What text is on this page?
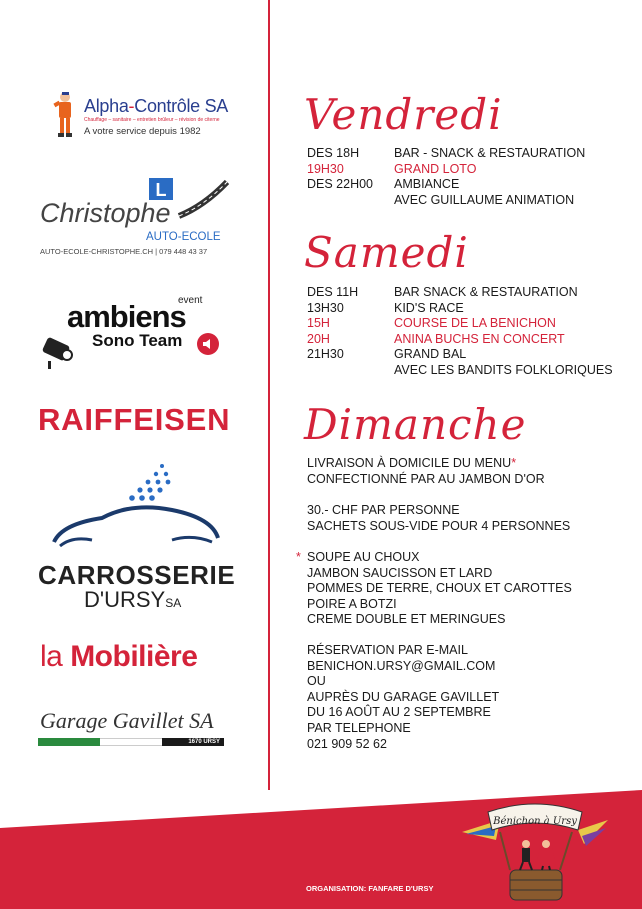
Alpha-Contrôle SA
Chauffage – sanitaire – entretien brûleur – révision de citerne
A votre service depuis 1982
L
Christophe
AUTO-ECOLE
AUTO-ECOLE-CHRISTOPHE.CH | 079 448 43 37
event
ambiens
Sono Team
RAIFFEISEN
CARROSSERIE
D'URSYSA
la Mobilière
Garage Gavillet SA
1670 URSY
Vendredi
DES 18H	BAR - SNACK & RESTAURATION
19H30	GRAND LOTO
DES 22H00	AMBIANCE
AVEC GUILLAUME ANIMATION
Samedi
DES 11H	BAR SNACK & RESTAURATION
13H30	KID'S RACE
15H	COURSE DE LA BENICHON
20H	ANINA BUCHS EN CONCERT
21H30	GRAND BAL
AVEC LES BANDITS FOLKLORIQUES
Dimanche
LIVRAISON À DOMICILE DU MENU*
CONFECTIONNÉ PAR AU JAMBON D'OR
30.- CHF PAR PERSONNE
SACHETS SOUS-VIDE POUR 4 PERSONNES
* SOUPE AU CHOUX
JAMBON SAUCISSON ET LARD
POMMES DE TERRE, CHOUX ET CAROTTES
POIRE A BOTZI
CREME DOUBLE ET MERINGUES
RÉSERVATION PAR E-MAIL
BENICHON.URSY@GMAIL.COM
OU
AUPRÈS DU GARAGE GAVILLET
DU 16 AOÛT AU 2 SEPTEMBRE
PAR TELEPHONE
021 909 52 62
Bénichon à Ursy
ORGANISATION: FANFARE D'URSY
